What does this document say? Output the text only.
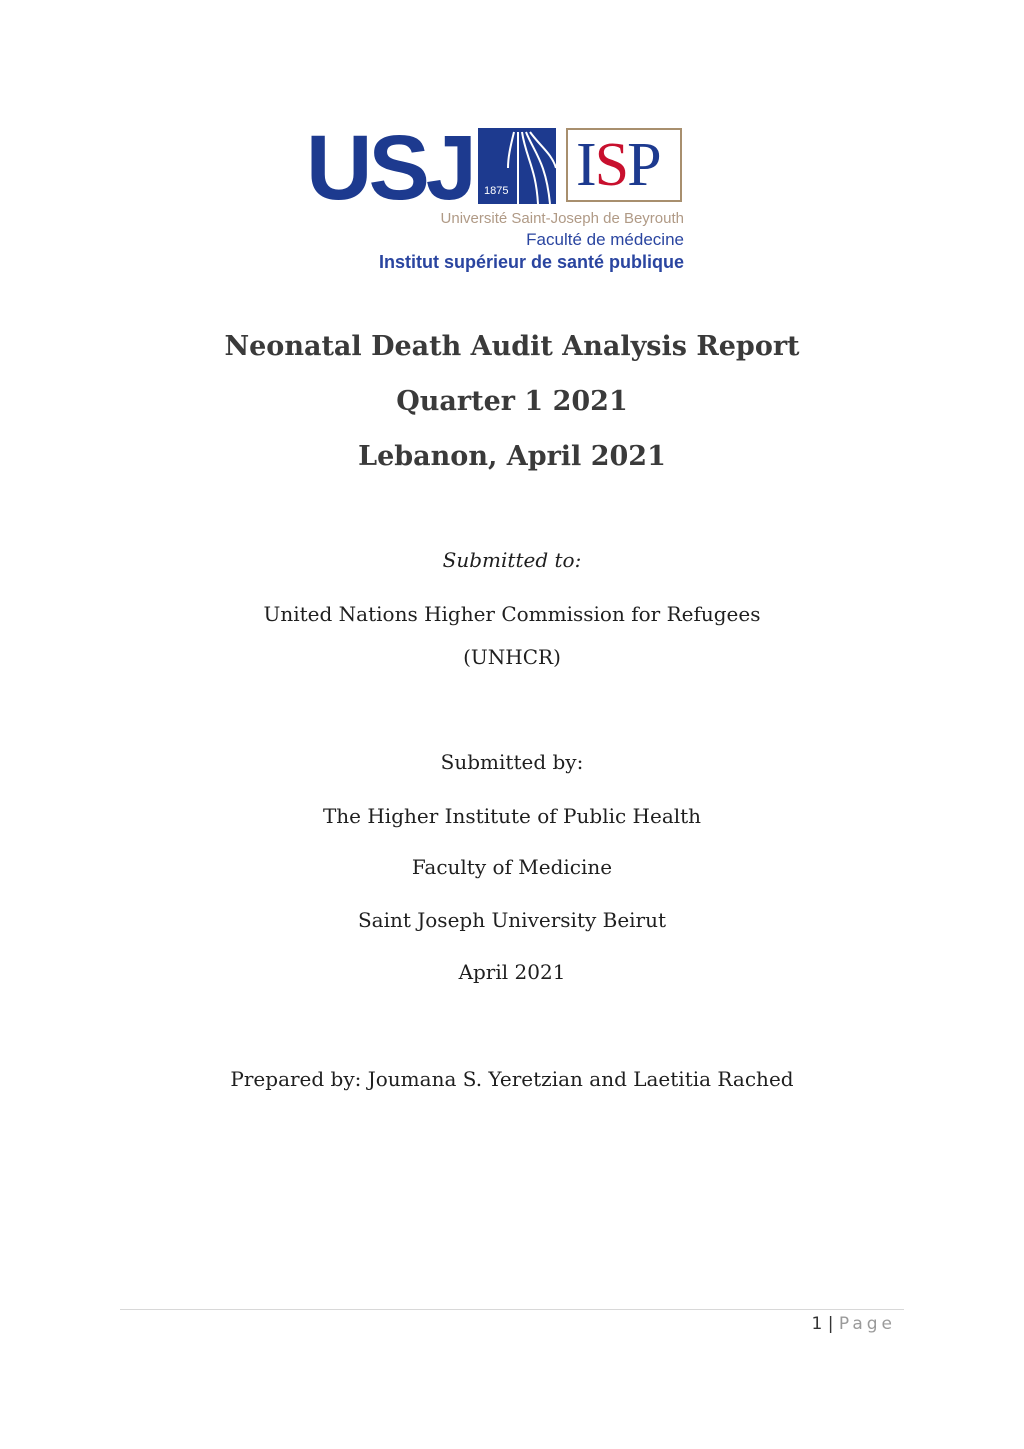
USJ 1875 ISP
Université Saint-Joseph de Beyrouth
Faculté de médecine
Institut supérieur de santé publique
Neonatal Death Audit Analysis Report
Quarter 1 2021
Lebanon, April 2021
Submitted to:
United Nations Higher Commission for Refugees
(UNHCR)
Submitted by:
The Higher Institute of Public Health
Faculty of Medicine
Saint Joseph University Beirut
April 2021
Prepared by: Joumana S. Yeretzian and Laetitia Rached
1 | Page
